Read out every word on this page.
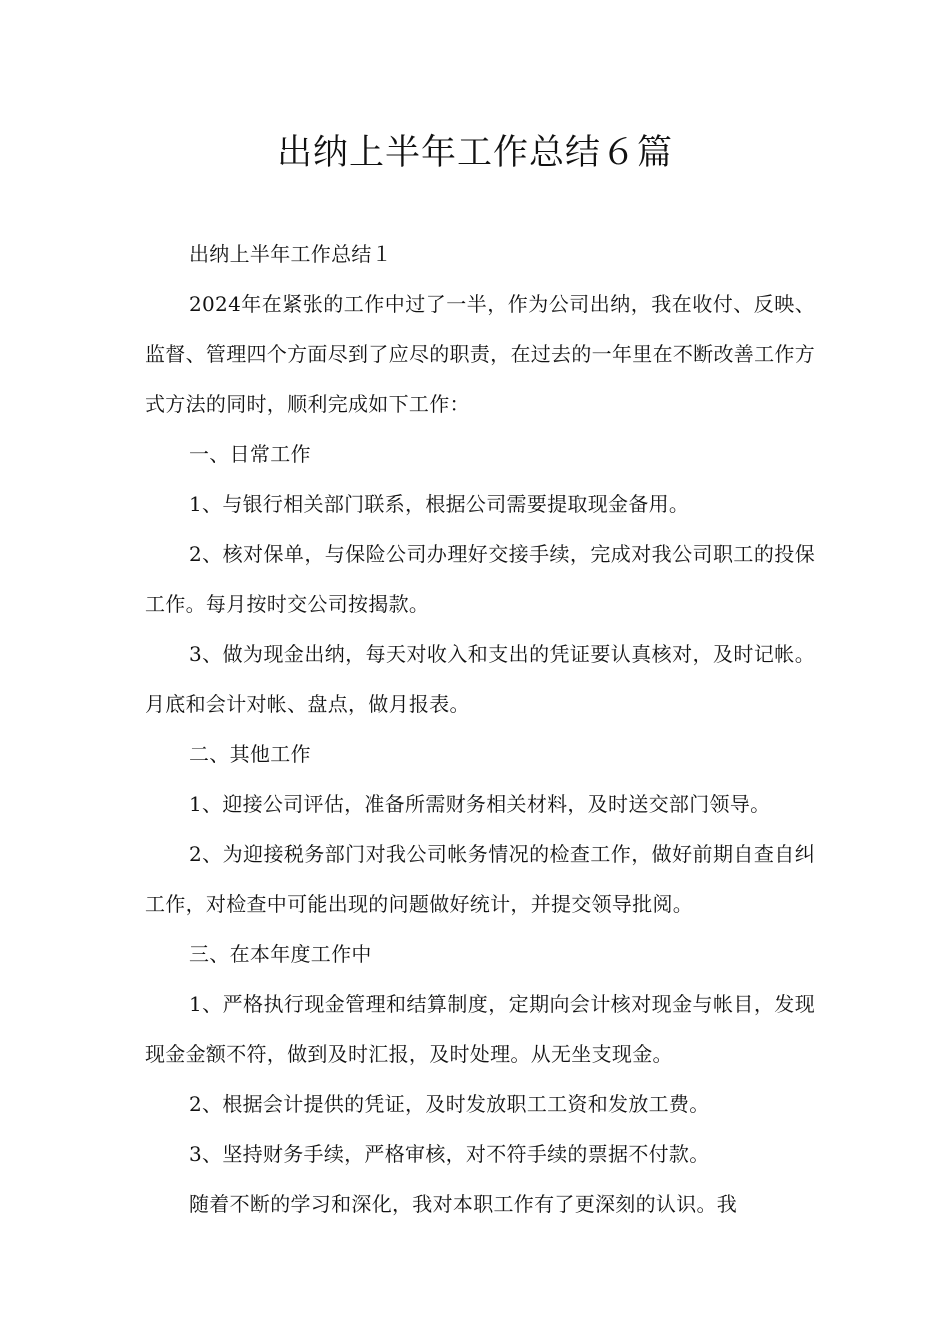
出纳上半年工作总结６篇

出纳上半年工作总结１

2024年在紧张的工作中过了一半，作为公司出纳，我在收付、反映、监督、管理四个方面尽到了应尽的职责，在过去的一年里在不断改善工作方式方法的同时，顺利完成如下工作：

一、日常工作

1、与银行相关部门联系，根据公司需要提取现金备用。

2、核对保单，与保险公司办理好交接手续，完成对我公司职工的投保工作。每月按时交公司按揭款。

3、做为现金出纳，每天对收入和支出的凭证要认真核对，及时记帐。月底和会计对帐、盘点，做月报表。

二、其他工作

1、迎接公司评估，准备所需财务相关材料，及时送交部门领导。

2、为迎接税务部门对我公司帐务情况的检查工作，做好前期自查自纠工作，对检查中可能出现的问题做好统计，并提交领导批阅。

三、在本年度工作中

1、严格执行现金管理和结算制度，定期向会计核对现金与帐目，发现现金金额不符，做到及时汇报，及时处理。从无坐支现金。

2、根据会计提供的凭证，及时发放职工工资和发放工费。

3、坚持财务手续，严格审核，对不符手续的票据不付款。

随着不断的学习和深化，我对本职工作有了更深刻的认识。我
